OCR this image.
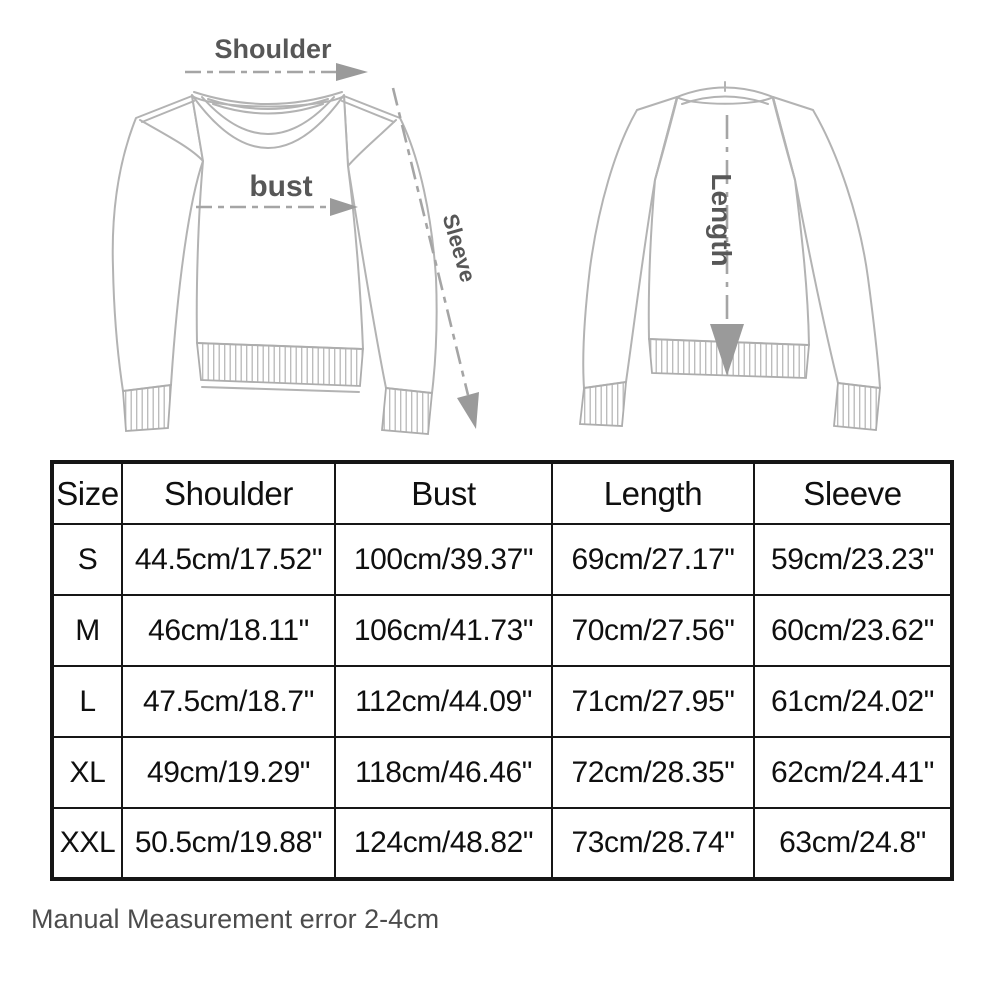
Shoulder
bust
Sleeve	Length
Size	Shoulder	Bust	Length	Sleeve
S	44.5cm/17.52"	100cm/39.37"	69cm/27.17"	59cm/23.23"
M	46cm/18.11"	106cm/41.73"	70cm/27.56"	60cm/23.62"
L	47.5cm/18.7"	112cm/44.09"	71cm/27.95"	61cm/24.02"
XL	49cm/19.29"	118cm/46.46"	72cm/28.35"	62cm/24.41"
XXL	50.5cm/19.88"	124cm/48.82"	73cm/28.74"	63cm/24.8"
Manual Measurement error 2-4cm
